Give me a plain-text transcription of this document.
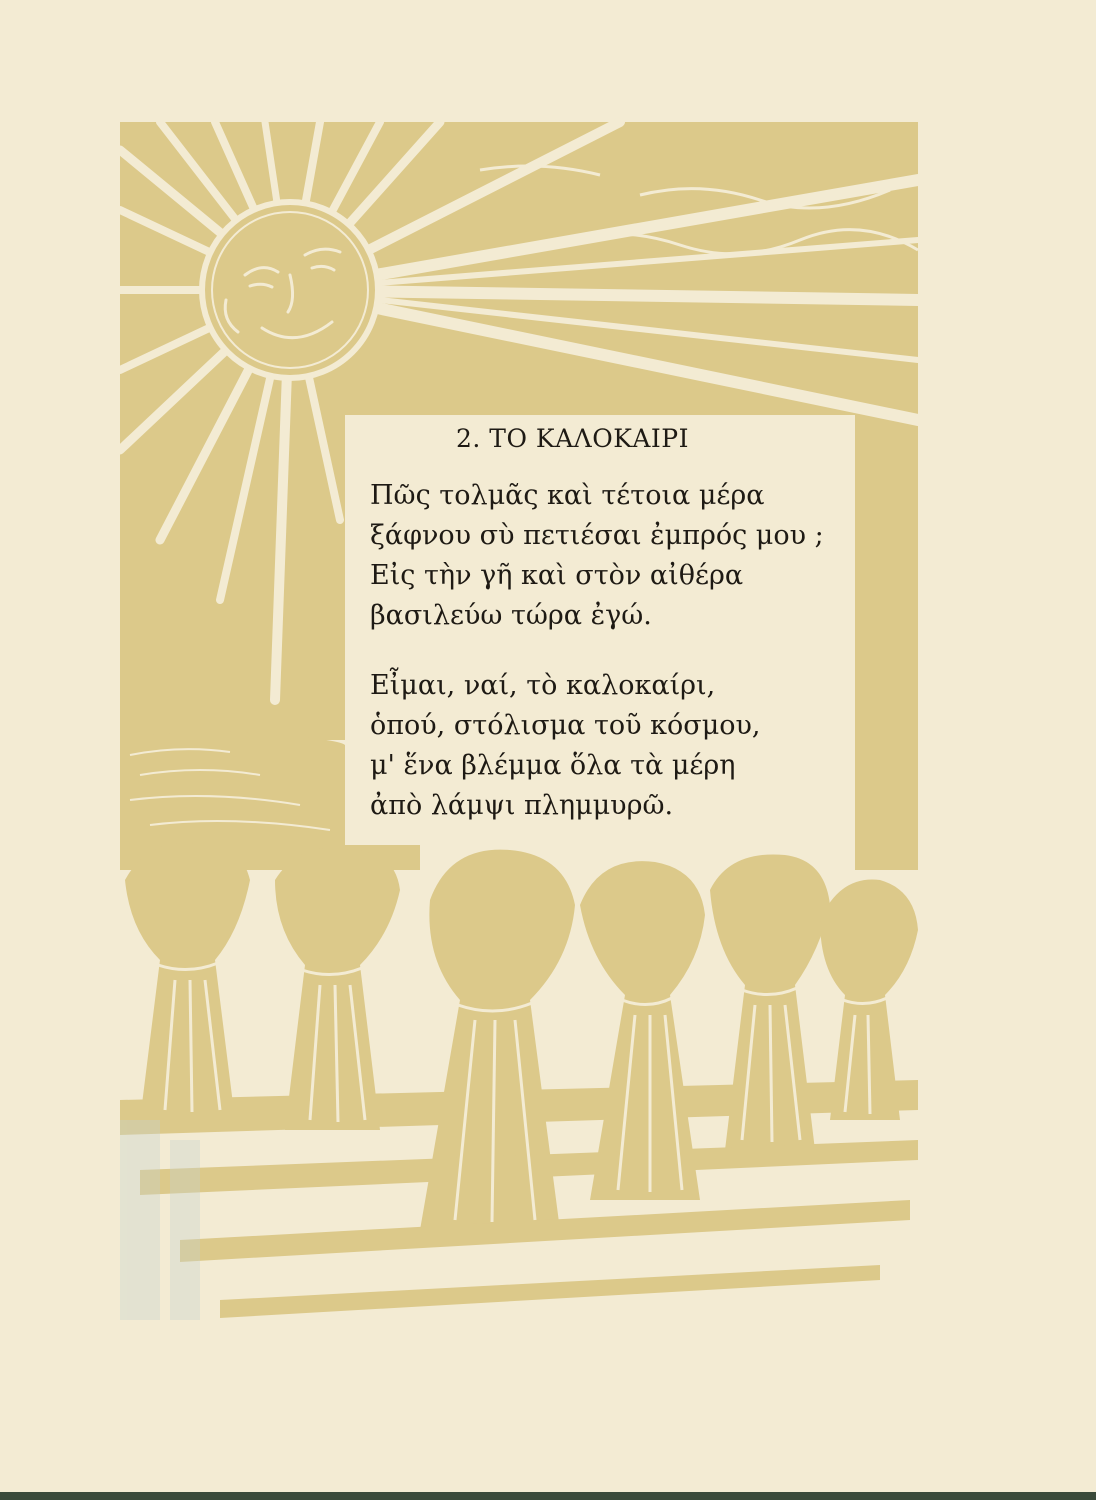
2. ΤΟ ΚΑΛΟΚΑΙΡΙ
Πῶς τολμᾶς καὶ τέτοια μέρα
ξάφνου σὺ πετιέσαι ἐμπρός μου ;
Εἰς τὴν γῆ καὶ στὸν αἰθέρα
βασιλεύω τώρα ἐγώ.
Εἶμαι, ναί, τὸ καλοκαίρι,
ὁπού, στόλισμα τοῦ κόσμου,
μ' ἕνα βλέμμα ὅλα τὰ μέρη
ἀπὸ λάμψι πλημμυρῶ.
